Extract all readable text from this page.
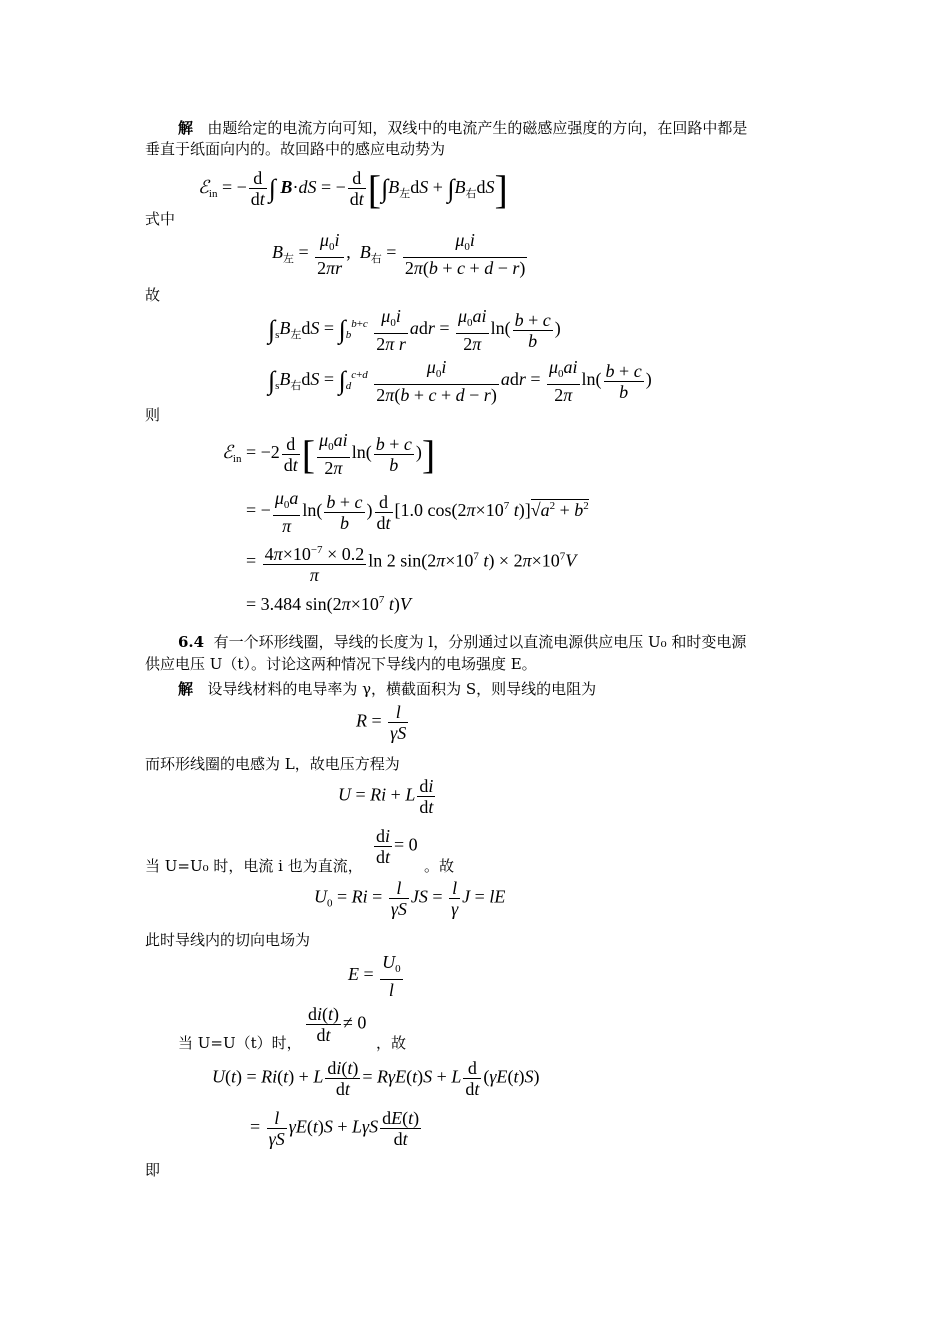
解 由题给定的电流方向可知，双线中的电流产生的磁感应强度的方向，在回路中都是
垂直于纸面向内的。故回路中的感应电动势为
ℰ$_{in}$ = − $\frac{d}{dt}$ ∫ B·dS = − $\frac{d}{dt} [\int B_左dS + \int B_右dS]$
式中
$B_左 = \frac{\mu_0i}{2\pi r}$ ,  $B_右 = \frac{\mu_0i}{2\pi(b + c + d - r)}$
故
$\int_sB_左dS = \int_b^{b+c} \frac{\mu_0i}{\text{2π r}}$ adr = $\frac{\mu_0ai}{2\pi} \ln( \frac{b + c}{b}$ )
$\int_sB_右dS = \int_d^{c+d} \frac{\mu_0i}{2\pi(b + c + d - r)}$ adr = $\frac{\mu_0ai}{2\pi} \ln( \frac{b + c}{b}$ )
则
ℰ$_{in}$ = $-2 \frac{d}{dt}$ [ $\frac{\mu_0ai}{2\pi} \ln( \frac{b + c}{b}$ )]
= − $\frac{\mu_0a}{\pi} \ln( \frac{b + c}{b}$ ) $\frac{d}{dt} [1.0$ $\cos(2\pi\times 10^7$ $t)]√a^2 + b^2$
= $\frac{4\pi\times 10^{-7} \times 0.2}{\pi}$ ln 2 $\sin(2\pi\times 10^7$ $t) \times 2\pi\times 10^7V$
= 3.484 $\sin(2\pi\times 10^7$ t)V
6.4 有一个环形线圈，导线的长度为 l，分别通过以直流电源供应电压 U₀ 和时变电源
供应电压 U（t）。讨论这两种情况下导线内的电场强度 E。
解 设导线材料的电导率为 γ，横截面积为 S，则导线的电阻为
$R = \frac{l}{\gamma S}$
而环形线圈的电感为 L，故电压方程为
U = Ri + L $\frac{di}{dt}$
当 U=U₀ 时，电流 i 也为直流， $\frac{di}{dt} = 0$
。故
$U_0 = Ri = \frac{l}{\gamma S}$ JS = $\frac{l}{\gamma}$ J = lE
此时导线内的切向电场为
$E = \frac{U_0}{l}$
当 U=U（t）时， $\frac{di(t)}{dt} \ne 0$
，故
U(t) = Ri(t) + L $\frac{di(t)}{dt} = R\gamma E(t)S + L \frac{d}{dt} (\gamma E(t)S)$
= $\frac{l}{\gamma S} \gamma E(t)S + L\gamma S \frac{dE(t)}{dt}$
即
